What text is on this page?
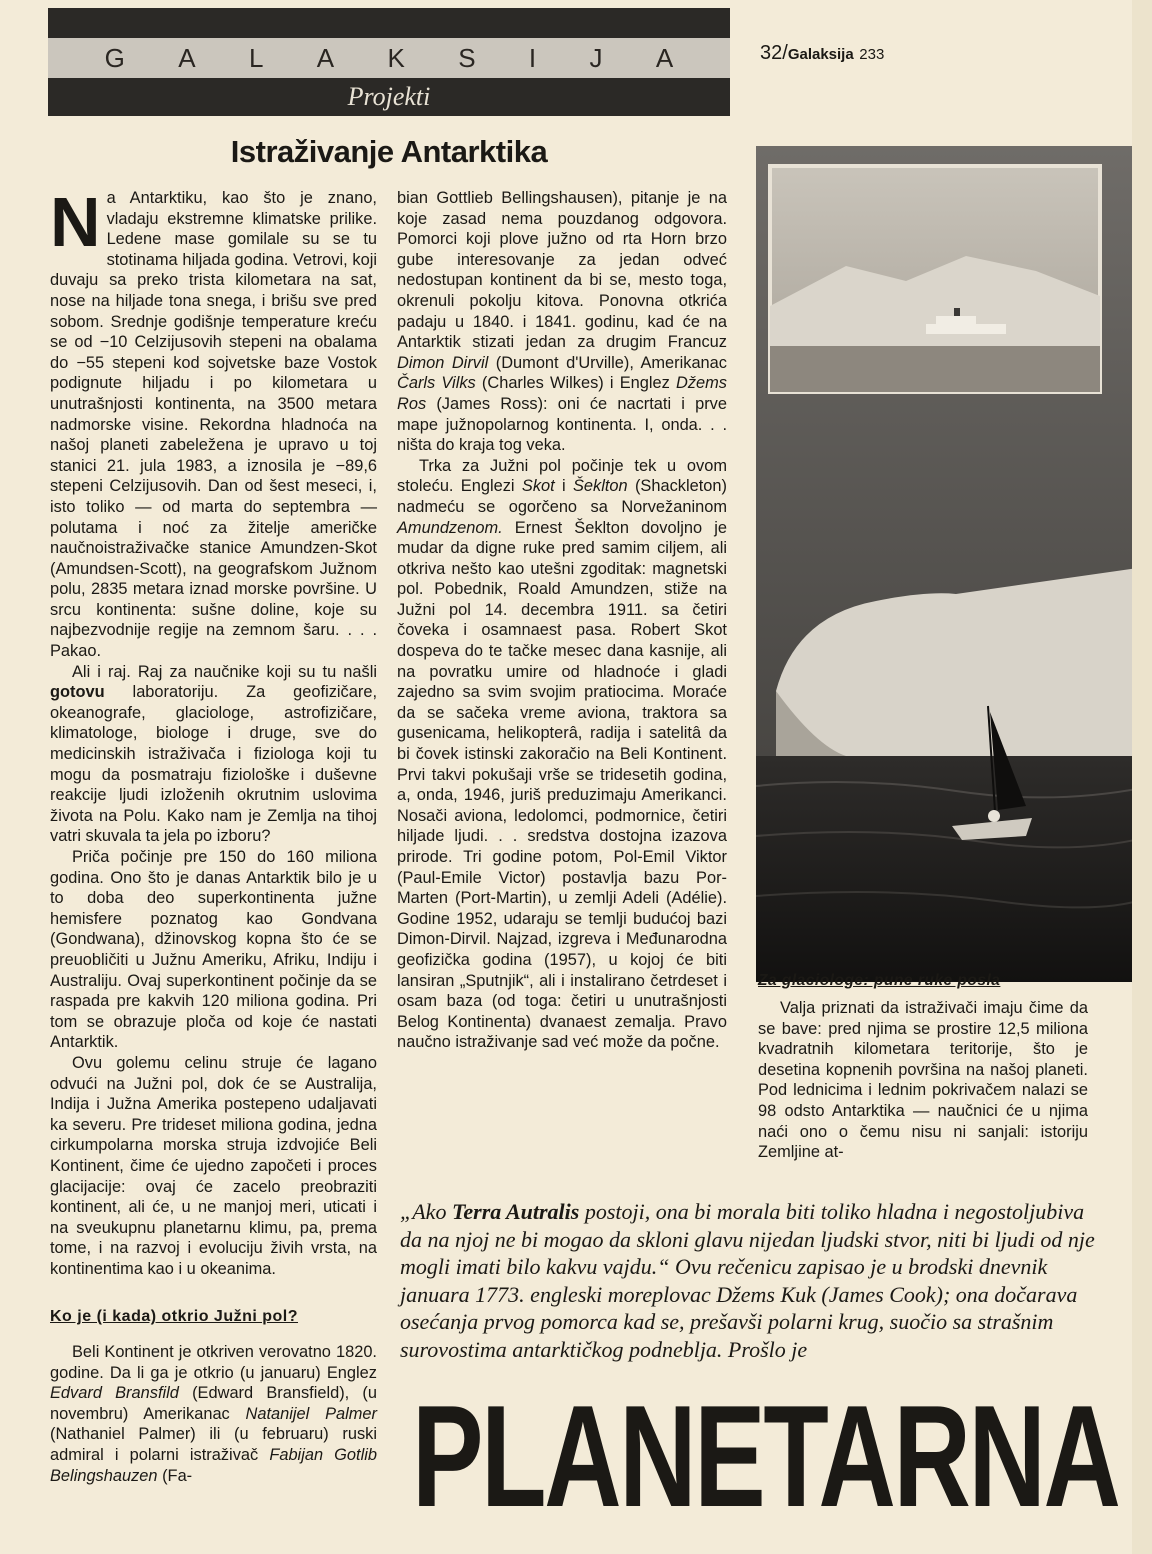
G A L A K S I J A
Projekti
32/Galaksija 233
Istraživanje Antarktika

Na Antarktiku, kao što je znano, vladaju ekstremne klimatske prilike. Ledene mase gomilale su se tu stotinama hiljada godina. Vetrovi, koji duvaju sa preko trista kilometara na sat, nose na hiljade tona snega, i brišu sve pred sobom. Srednje godišnje temperature kreću se od −10 Celzijusovih stepeni na obalama do −55 stepeni kod sojvetske baze Vostok podignute hiljadu i po kilometara u unutrašnjosti kontinenta, na 3500 metara nadmorske visine. Rekordna hladnoća na našoj planeti zabeležena je upravo u toj stanici 21. jula 1983, a iznosila je −89,6 stepeni Celzijusovih. Dan od šest meseci, i, isto toliko — od marta do septembra — polutama i noć za žitelje američke naučnoistraživačke stanice Amundzen-Skot (Amundsen-Scott), na geografskom Južnom polu, 2835 metara iznad morske površine. U srcu kontinenta: sušne doline, koje su najbezvodnije regije na zemnom šaru. . . . Pakao.

Ali i raj. Raj za naučnike koji su tu našli gotovu laboratoriju. Za geofizičare, okeanografe, glaciologe, astrofizičare, klimatologe, biologe i druge, sve do medicinskih istraživača i fiziologa koji tu mogu da posmatraju fiziološke i duševne reakcije ljudi izloženih okrutnim uslovima života na Polu. Kako nam je Zemlja na tihoj vatri skuvala ta jela po izboru?

Priča počinje pre 150 do 160 miliona godina. Ono što je danas Antarktik bilo je u to doba deo superkontinenta južne hemisfere poznatog kao Gondvana (Gondwana), džinovskog kopna što će se preuobličiti u Južnu Ameriku, Afriku, Indiju i Australiju. Ovaj superkontinent počinje da se raspada pre kakvih 120 miliona godina. Pri tom se obrazuje ploča od koje će nastati Antarktik.

Ovu golemu celinu struje će lagano odvući na Južni pol, dok će se Australija, Indija i Južna Amerika postepeno udaljavati ka severu. Pre trideset miliona godina, jedna cirkumpolarna morska struja izdvojiće Beli Kontinent, čime će ujedno započeti i proces glacijacije: ovaj će zacelo preobraziti kontinent, ali će, u ne manjoj meri, uticati i na sveukupnu planetarnu klimu, pa, prema tome, i na razvoj i evoluciju živih vrsta, na kontinentima kao i u okeanima.

Ko je (i kada) otkrio Južni pol?

Beli Kontinent je otkriven verovatno 1820. godine. Da li ga je otkrio (u januaru) Englez Edvard Bransfild (Edward Bransfield), (u novembru) Amerikanac Natanijel Palmer (Nathaniel Palmer) ili (u februaru) ruski admiral i polarni istraživač Fabijan Gotlib Belingshauzen (Fa-

bian Gottlieb Bellingshausen), pitanje je na koje zasad nema pouzdanog odgovora. Pomorci koji plove južno od rta Horn brzo gube interesovanje za jedan odveć nedostupan kontinent da bi se, mesto toga, okrenuli pokolju kitova. Ponovna otkrića padaju u 1840. i 1841. godinu, kad će na Antarktik stizati jedan za drugim Francuz Dimon Dirvil (Dumont d'Urville), Amerikanac Čarls Vilks (Charles Wilkes) i Englez Džems Ros (James Ross): oni će nacrtati i prve mape južnopolarnog kontinenta. I, onda. . . ništa do kraja tog veka.

Trka za Južni pol počinje tek u ovom stoleću. Englezi Skot i Šeklton (Shackleton) nadmeću se ogorčeno sa Norvežaninom Amundzenom. Ernest Šeklton dovoljno je mudar da digne ruke pred samim ciljem, ali otkriva nešto kao utešni zgoditak: magnetski pol. Pobednik, Roald Amundzen, stiže na Južni pol 14. decembra 1911. sa četiri čoveka i osamnaest pasa. Robert Skot dospeva do te tačke mesec dana kasnije, ali na povratku umire od hladnoće i gladi zajedno sa svim svojim pratiocima. Moraće da se sačeka vreme aviona, traktora sa gusenicama, helikopterâ, radija i satelitâ da bi čovek istinski zakoračio na Beli Kontinent. Prvi takvi pokušaji vrše se tridesetih godina, a, onda, 1946, juriš preduzimaju Amerikanci. Nosači aviona, ledolomci, podmornice, četiri hiljade ljudi. . . sredstva dostojna izazova prirode. Tri godine potom, Pol-Emil Viktor (Paul-Emile Victor) postavlja bazu Por-Marten (Port-Martin), u zemlji Adeli (Adélie). Godine 1952, udaraju se temlji budućoj bazi Dimon-Dirvil. Najzad, izgreva i Međunarodna geofizička godina (1957), u kojoj će biti lansiran „Sputnjik“, ali i instalirano četrdeset i osam baza (od toga: četiri u unutrašnjosti Belog Kontinenta) dvanaest zemalja. Pravo naučno istraživanje sad već može da počne.

Za glaciologe: pune ruke posla

Valja priznati da istraživači imaju čime da se bave: pred njima se prostire 12,5 miliona kvadratnih kilometara teritorije, što je desetina kopnenih površina na našoj planeti. Pod lednicima i lednim pokrivačem nalazi se 98 odsto Antarktika — naučnici će u njima naći ono o čemu nisu ni sanjali: istoriju Zemljine at-

„Ako Terra Autralis postoji, ona bi morala biti toliko hladna i negostoljubiva da na njoj ne bi mogao da skloni glavu nijedan ljudski stvor, niti bi ljudi od nje mogli imati bilo kakvu vajdu.“ Ovu rečenicu zapisao je u brodski dnevnik januara 1773. engleski moreplovac Džems Kuk (James Cook); ona dočarava osećanja prvog pomorca kad se, prešavši polarni krug, suočio sa strašnim surovostima antarktičkog podneblja. Prošlo je
PLANETARNA
